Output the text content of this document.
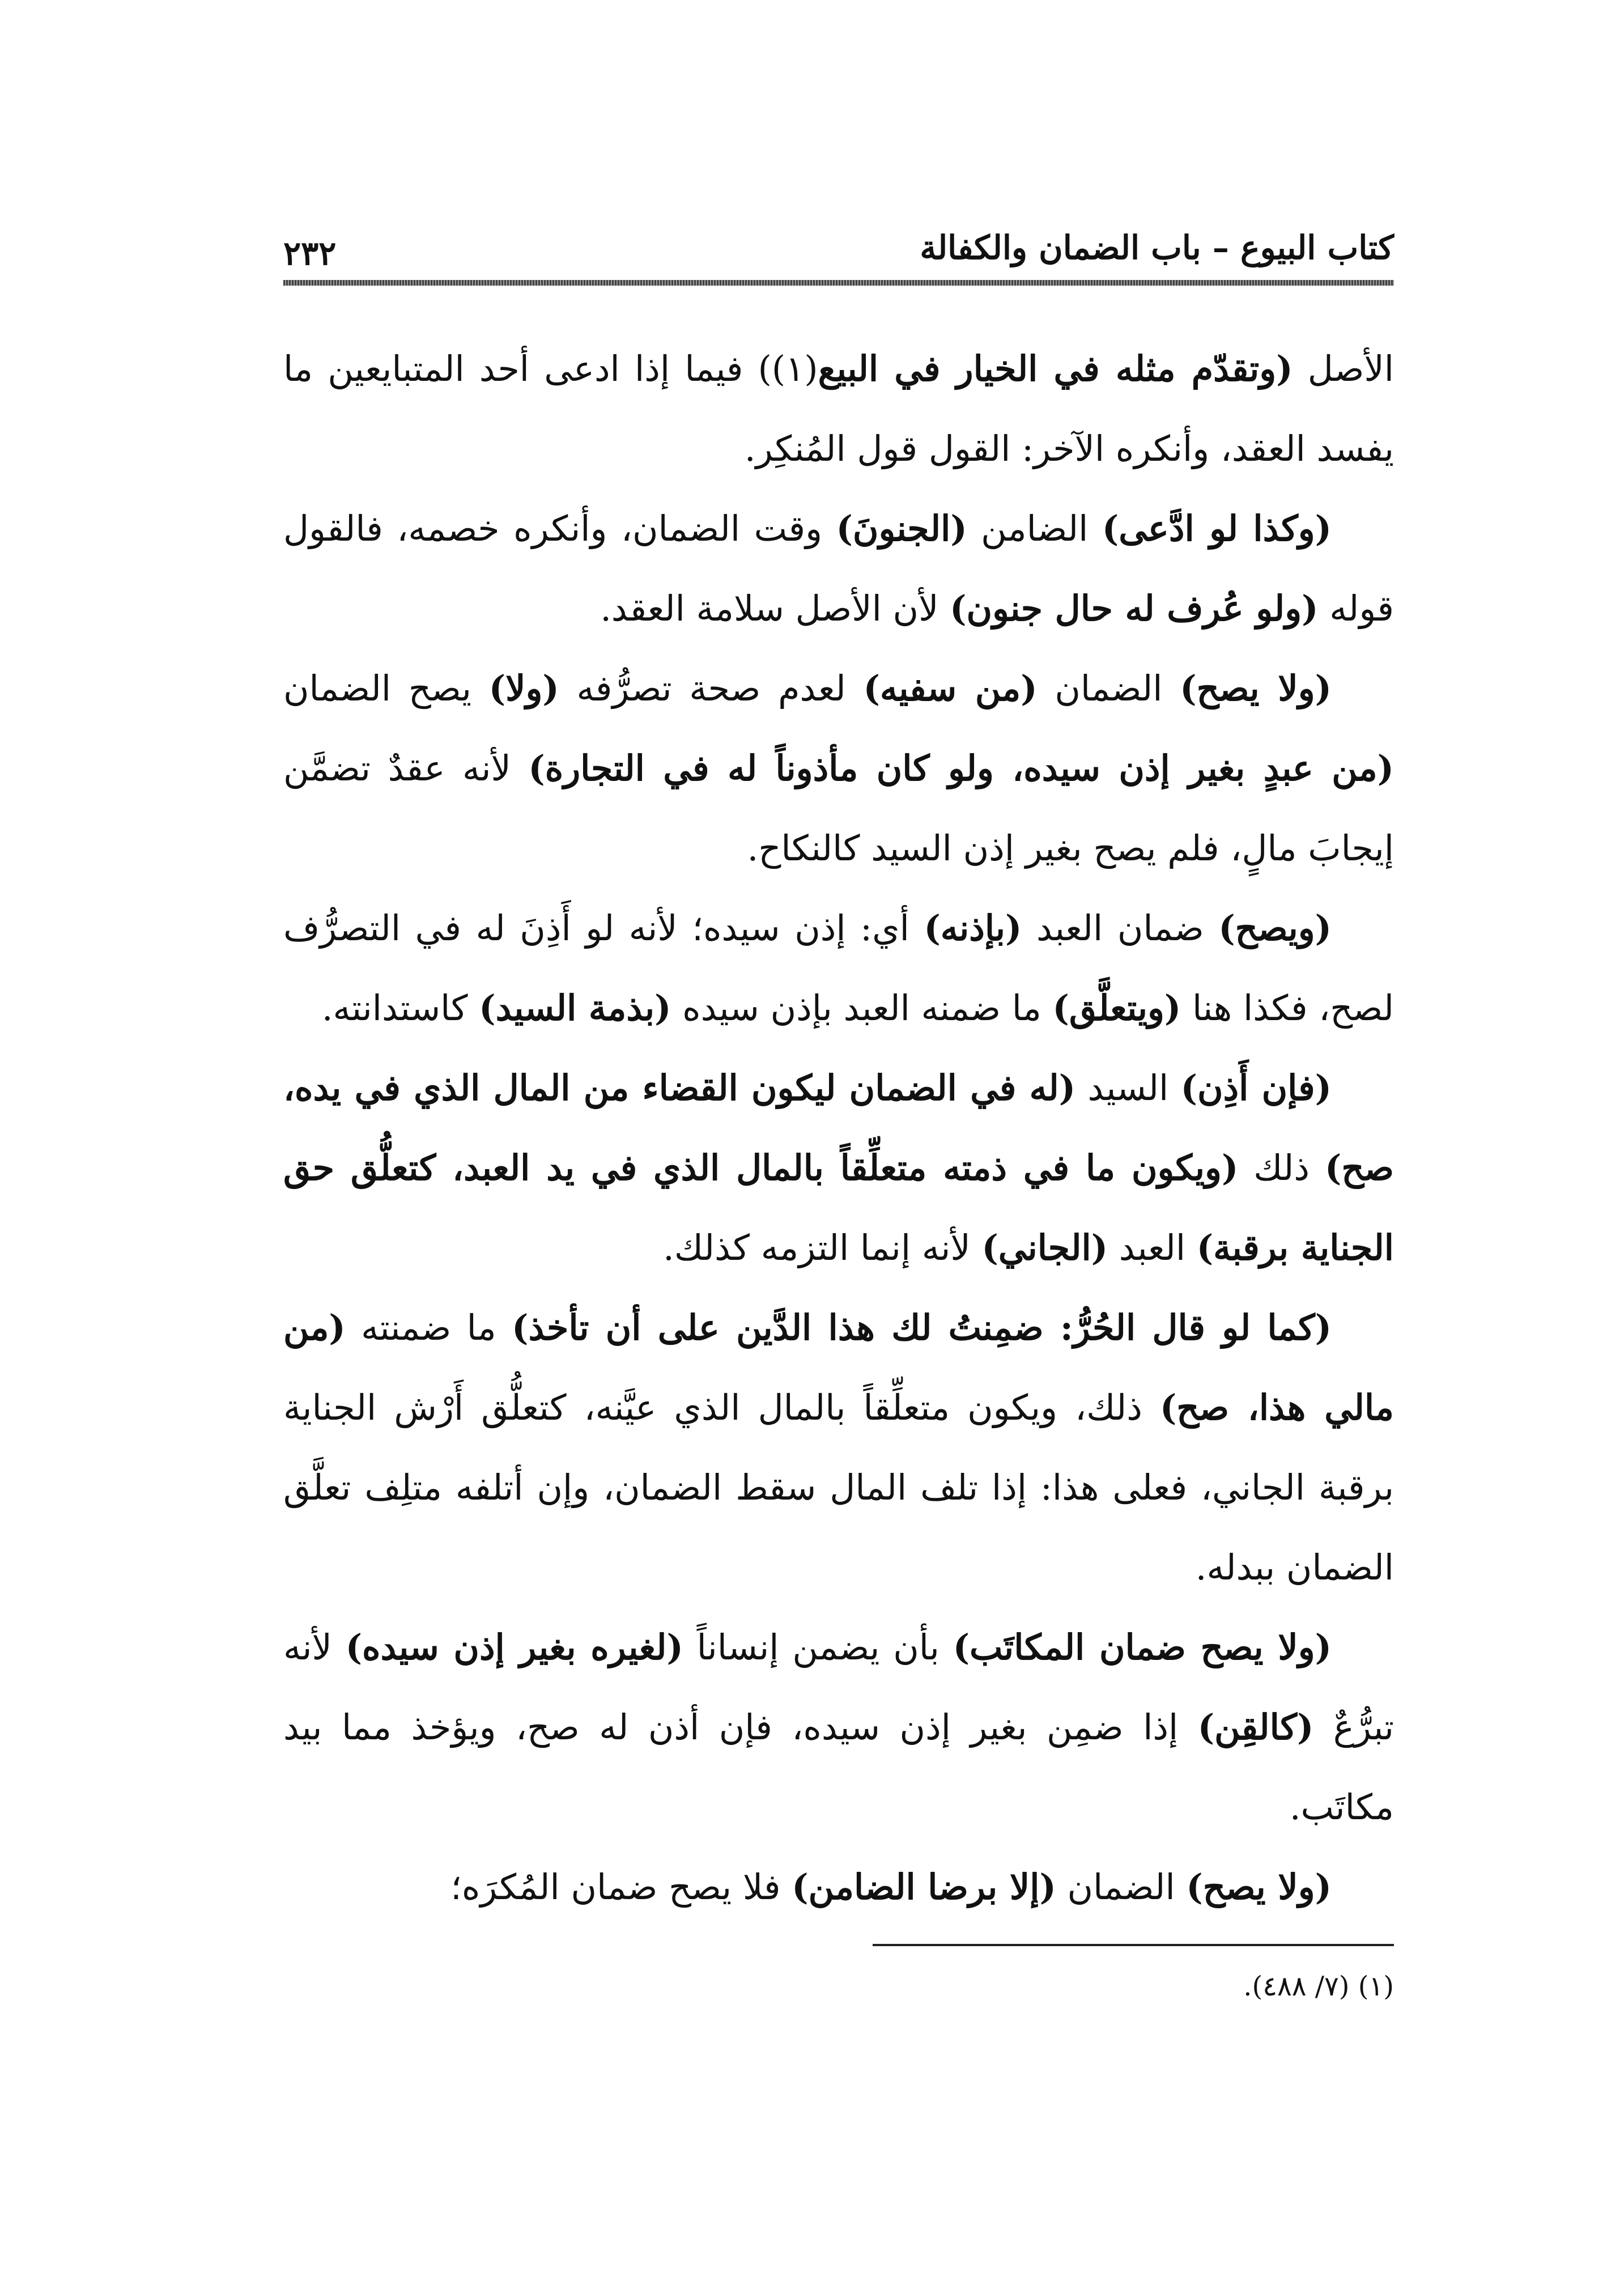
كتاب البيوع – باب الضمان والكفالة
٢٣٢

الأصل (وتقدّم مثله في الخيار في البيع(١)) فيما إذا ادعى أحد المتبايعين ما يفسد العقد، وأنكره الآخر: القول قول المُنكِر.

(وكذا لو ادَّعى) الضامن (الجنونَ) وقت الضمان، وأنكره خصمه، فالقول قوله (ولو عُرف له حال جنون) لأن الأصل سلامة العقد.

(ولا يصح) الضمان (من سفيه) لعدم صحة تصرُّفه (ولا) يصح الضمان (من عبدٍ بغير إذن سيده، ولو كان مأذوناً له في التجارة) لأنه عقدٌ تضمَّن إيجابَ مالٍ، فلم يصح بغير إذن السيد كالنكاح.

(ويصح) ضمان العبد (بإذنه) أي: إذن سيده؛ لأنه لو أَذِنَ له في التصرُّف لصح، فكذا هنا (ويتعلَّق) ما ضمنه العبد بإذن سيده (بذمة السيد) كاستدانته.

(فإن أَذِن) السيد (له في الضمان ليكون القضاء من المال الذي في يده، صح) ذلك (ويكون ما في ذمته متعلِّقاً بالمال الذي في يد العبد، كتعلُّق حق الجناية برقبة) العبد (الجاني) لأنه إنما التزمه كذلك.

(كما لو قال الحُرُّ: ضمِنتُ لك هذا الدَّين على أن تأخذ) ما ضمنته (من مالي هذا، صح) ذلك، ويكون متعلِّقاً بالمال الذي عيَّنه، كتعلُّق أَرْش الجناية برقبة الجاني، فعلى هذا: إذا تلف المال سقط الضمان، وإن أتلفه متلِف تعلَّق الضمان ببدله.

(ولا يصح ضمان المكاتَب) بأن يضمن إنساناً (لغيره بغير إذن سيده) لأنه تبرُّعٌ (كالقِن) إذا ضمِن بغير إذن سيده، فإن أذن له صح، ويؤخذ مما بيد مكاتَب.

(ولا يصح) الضمان (إلا برضا الضامن) فلا يصح ضمان المُكرَه؛

(١) (٧/ ٤٨٨).
